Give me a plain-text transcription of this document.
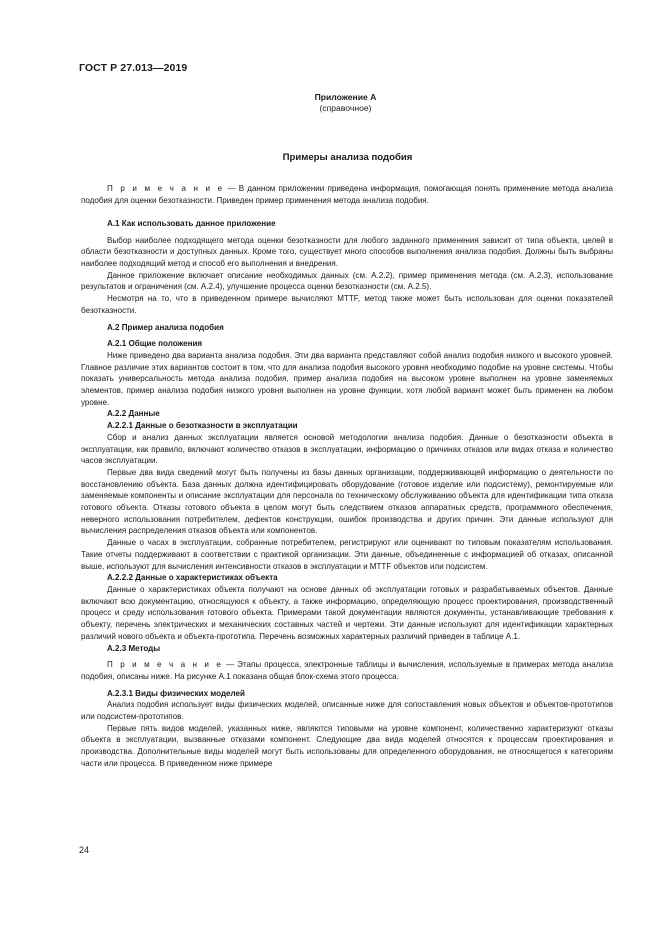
ГОСТ Р 27.013—2019
Приложение А
(справочное)
Примеры анализа подобия

П р и м е ч а н и е — В данном приложении приведена информация, помогающая понять применение метода анализа подобия для оценки безотказности. Приведен пример применения метода анализа подобия.

А.1 Как использовать данное приложение

Выбор наиболее подходящего метода оценки безотказности для любого заданного применения зависит от типа объекта, целей в области безотказности и доступных данных. Кроме того, существует много способов выполнения анализа подобия. Должны быть выбраны наиболее подходящий метод и способ его выполнения и внедрения.

Данное приложение включает описание необходимых данных (см. А.2.2), пример применения метода (см. А.2.3), использование результатов и ограничения (см. А.2.4), улучшение процесса оценки безотказности (см. А.2.5).

Несмотря на то, что в приведенном примере вычисляют MTTF, метод также может быть использован для оценки показателей безотказности.

А.2 Пример анализа подобия

А.2.1 Общие положения

Ниже приведено два варианта анализа подобия. Эти два варианта представляют собой анализ подобия низкого и высокого уровней. Главное различие этих вариантов состоит в том, что для анализа подобия высокого уровня необходимо подобие на уровне системы. Чтобы показать универсальность метода анализа подобия, пример анализа подобия на высоком уровне выполнен на уровне заменяемых элементов, пример анализа подобия низкого уровня выполнен на уровне функции, хотя любой вариант может быть применен на любом уровне.

А.2.2 Данные

А.2.2.1 Данные о безотказности в эксплуатации

Сбор и анализ данных эксплуатации является основой методологии анализа подобия. Данные о безотказности объекта в эксплуатации, как правило, включают количество отказов в эксплуатации, информацию о причинах отказов или видах отказа и количество часов эксплуатации.

Первые два вида сведений могут быть получены из базы данных организации, поддерживающей информацию о деятельности по восстановлению объекта. База данных должна идентифицировать оборудование (готовое изделие или подсистему), ремонтируемые или заменяемые компоненты и описание эксплуатации для персонала по техническому обслуживанию объекта для идентификации типа отказа готового объекта. Отказы готового объекта в целом могут быть следствием отказов аппаратных средств, программного обеспечения, неверного использования потребителем, дефектов конструкции, ошибок производства и других причин. Эти данные используют для вычисления распределения отказов объекта или компонентов.

Данные о часах в эксплуатации, собранные потребителем, регистрируют или оценивают по типовым показателям использования. Такие отчеты поддерживают в соответствии с практикой организации. Эти данные, объединенные с информацией об отказах, описанной выше, используют для вычисления интенсивности отказов в эксплуатации и MTTF объектов или подсистем.

А.2.2.2 Данные о характеристиках объекта

Данные о характеристиках объекта получают на основе данных об эксплуатации готовых и разрабатываемых объектов. Данные включают всю документацию, относящуюся к объекту, а также информацию, определяющую процесс проектирования, производственный процесс и среду использования готового объекта. Примерами такой документации являются документы, устанавливающие требования к объекту, перечень электрических и механических составных частей и чертежи. Эти данные используют для идентификации характерных различий нового объекта и объекта-прототипа. Перечень возможных характерных различий приведен в таблице А.1.

А.2.3 Методы

П р и м е ч а н и е — Этапы процесса, электронные таблицы и вычисления, используемые в примерах метода анализа подобия, описаны ниже. На рисунке А.1 показана общая блок-схема этого процесса.

А.2.3.1 Виды физических моделей

Анализ подобия использует виды физических моделей, описанные ниже для сопоставления новых объектов и объектов-прототипов или подсистем-прототипов.

Первые пять видов моделей, указанных ниже, являются типовыми на уровне компонент, количественно характеризуют отказы объекта в эксплуатации, вызванные отказами компонент. Следующие два вида моделей относятся к процессам проектирования и производства. Дополнительные виды моделей могут быть использованы для определенного оборудования, не относящегося к категориям части или процесса. В приведенном ниже примере

24
